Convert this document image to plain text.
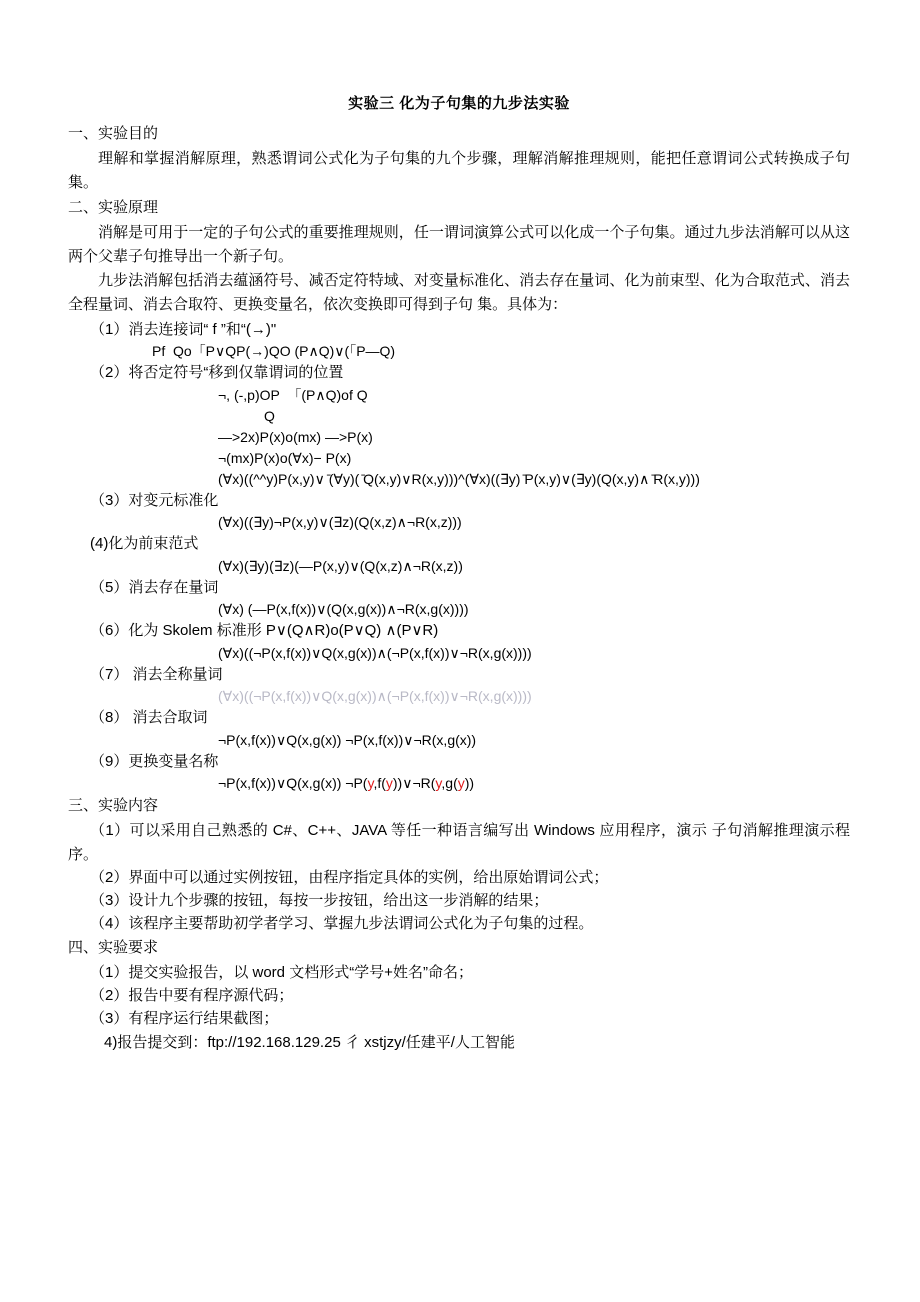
实验三 化为子句集的九步法实验
一、实验目的

理解和掌握消解原理，熟悉谓词公式化为子句集的九个步骤，理解消解推理规则，能把任意谓词公式转换成子句集。

二、实验原理

消解是可用于一定的子句公式的重要推理规则，任一谓词演算公式可以化成一个子句集。通过九步法消解可以从这两个父辈子句推导出一个新子句。

九步法消解包括消去蕴涵符号、减否定符特域、对变量标准化、消去存在量词、化为前束型、化为合取范式、消去全程量词、消去合取符、更换变量名，依次变换即可得到子句 集。具体为：

（1）消去连接词“ f ”和“(→)"

Pf  Qo「P∨QP(→)QO (P∧Q)∨(「P—Q)

（2）将否定符号“移到仅靠谓词的位置

¬, (-,p)OP  「(P∧Q)of Q

Q

—>2x)P(x)o(mx) —>P(x)

¬(mx)P(x)o(∀x)− P(x)

(∀x)((^^y)P(x,y)∨ ̄(∀y)( ̄Q(x,y)∨R(x,y)))^(∀x)((∃y) ̄P(x,y)∨(∃y)(Q(x,y)∧ ̄R(x,y)))

（3）对变元标准化

(∀x)((∃y)¬P(x,y)∨(∃z)(Q(x,z)∧¬R(x,z)))

(4)化为前束范式

(∀x)(∃y)(∃z)(—P(x,y)∨(Q(x,z)∧¬R(x,z))

（5）消去存在量词

(∀x) (—P(x,f(x))∨(Q(x,g(x))∧¬R(x,g(x))))

（6）化为 Skolem 标准形 P∨(Q∧R)o(P∨Q) ∧(P∨R)

(∀x)((¬P(x,f(x))∨Q(x,g(x))∧(¬P(x,f(x))∨¬R(x,g(x))))

（7） 消去全称量词

(∀x)((¬P(x,f(x))∨Q(x,g(x))∧(¬P(x,f(x))∨¬R(x,g(x))))

（8） 消去合取词

¬P(x,f(x))∨Q(x,g(x)) ¬P(x,f(x))∨¬R(x,g(x))

（9）更换变量名称

¬P(x,f(x))∨Q(x,g(x)) ¬P(y,f(y))∨¬R(y,g(y))

三、实验内容

（1）可以采用自己熟悉的 C#、C++、JAVA 等任一种语言编写出 Windows 应用程序，演示 子句消解推理演示程序。

（2）界面中可以通过实例按钮，由程序指定具体的实例，给出原始谓词公式；

（3）设计九个步骤的按钮，每按一步按钮，给出这一步消解的结果；

（4）该程序主要帮助初学者学习、掌握九步法谓词公式化为子句集的过程。

四、实验要求

（1）提交实验报告，以 word 文档形式“学号+姓名”命名；

（2）报告中要有程序源代码；

（3）有程序运行结果截图；

4)报告提交到：ftp://192.168.129.25 彳 xstjzy/任建平/人工智能
